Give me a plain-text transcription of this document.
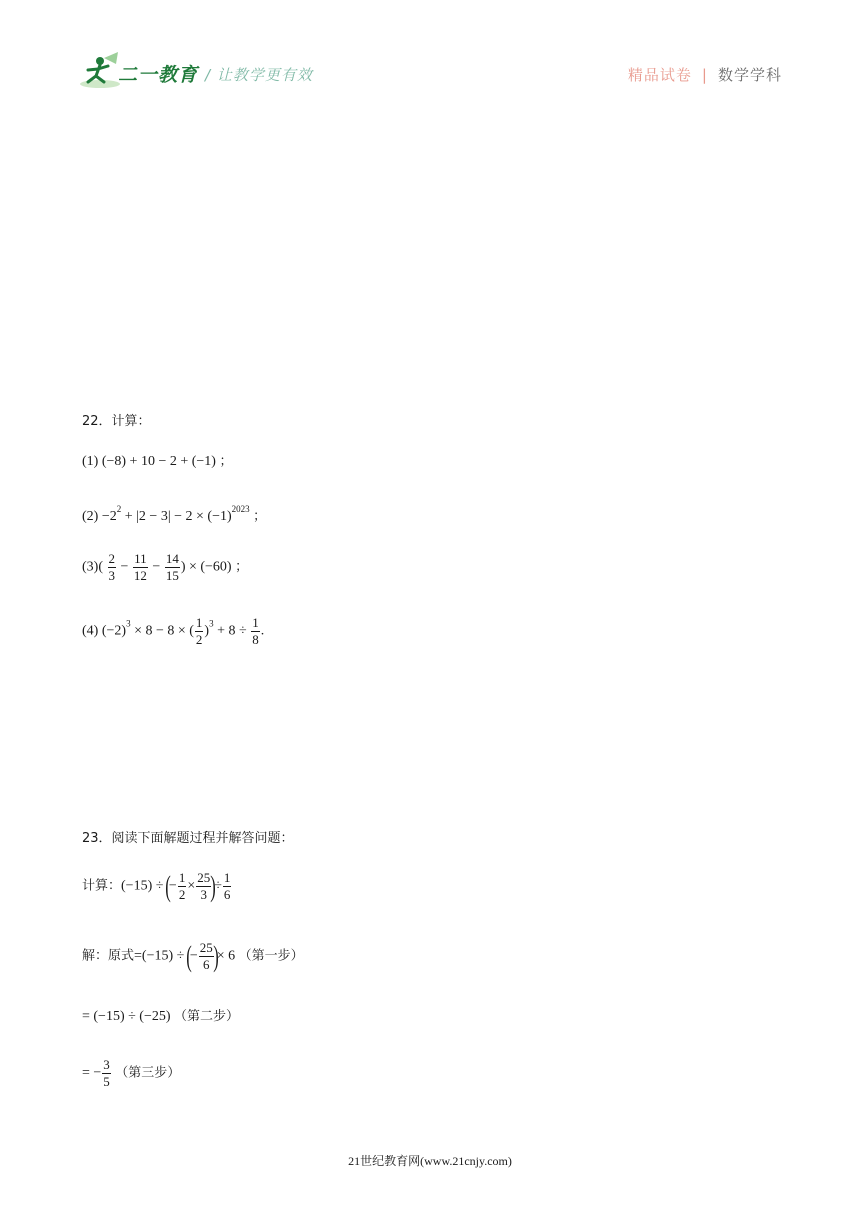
二一教育 / 让教学更有效	精品试卷 | 数学学科
22．计算：
(1) (−8) + 10 − 2 + (−1) ；
$(2) -2^2 + |2 - 3| - 2 \times (-1)^{2023}$ ；
$(3)( \frac{2}{3} - \frac{11}{12} - \frac{14}{15}$ ) × (−60) ；
(4) $(-2)^3 \times 8 - 8$ × ( $\frac{1}{2} )^3 + 8 \div \frac{1}{8}$ .
23．阅读下面解题过程并解答问题：
计算：(−15) ÷ (− $\frac{1}{2} \times \frac{25}{3}$ )÷ $\frac{1}{6}$
解：原式=(−15) ÷ (− $\frac{25}{6}$ )× 6 （第一步）
= (−15) ÷ (−25) （第二步）
= − $\frac{3}{5}$ （第三步）
21世纪教育网(www.21cnjy.com)
